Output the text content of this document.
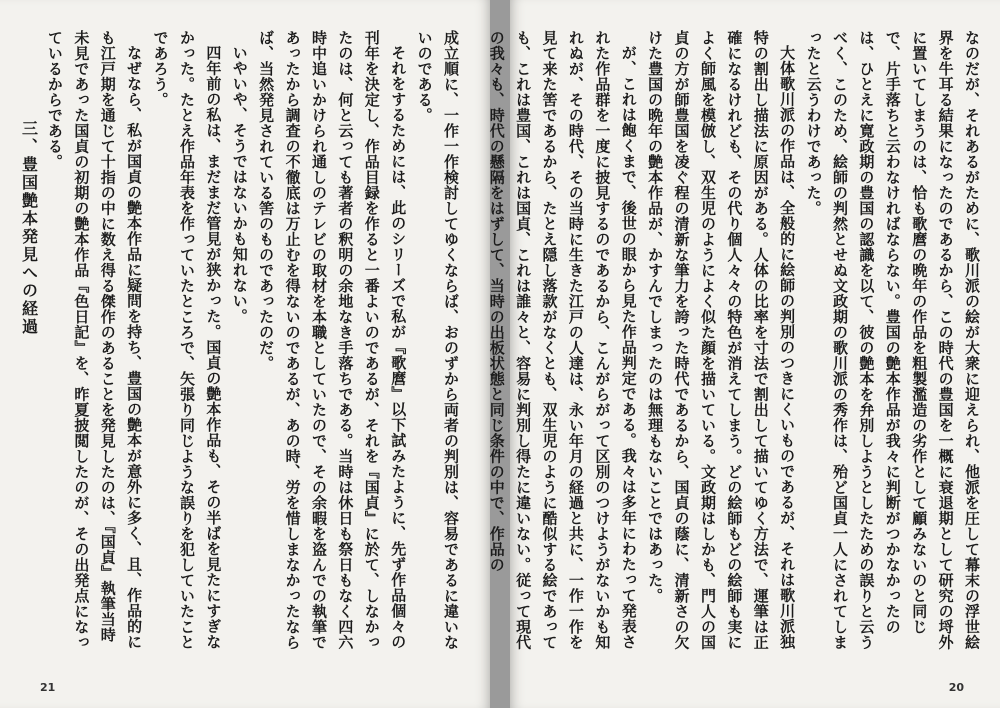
成立順に、一作一作検討してゆくならば、おのずから両者の判別は、容易であるに違いないのである。

それをするためには、此のシリーズで私が『歌麿』以下試みたように、先ず作品個々の刊年を決定し、作品目録を作ると一番よいのであるが、それを『国貞』に於て、しなかったのは、何と云っても著者の釈明の余地なき手落ちである。当時は休日も祭日もなく四六時中追いかけられ通しのテレビの取材を本職としていたので、その余暇を盗んでの執筆であったから調査の不徹底は万止むを得ないのであるが、あの時、労を惜しまなかったならば、当然発見されている筈のものであったのだ。

いやいや、そうではないかも知れない。

四年前の私は、まだまだ管見が狭かった。国貞の艶本作品も、その半ばを見たにすぎなかった。たとえ作品年表を作っていたところで、矢張り同じような誤りを犯していたことであろう。

なぜなら、私が国貞の艶本作品に疑問を持ち、豊国の艶本が意外に多く、且、作品的にも江戸期を通じて十指の中に数え得る傑作のあることを発見したのは、『国貞』執筆当時未見であった国貞の初期の艶本作品『色日記』を、昨夏披閲したのが、その出発点になっているからである。

三、豊国艶本発見への経過

21

なのだが、それあるがために、歌川派の絵が大衆に迎えられ、他派を圧して幕末の浮世絵界を牛耳る結果になったのであるから、この時代の豊国を一概に衰退期として研究の埒外に置いてしまうのは、恰も歌麿の晩年の作品を粗製濫造の劣作として顧みないのと同じで、片手落ちと云わなければならない。豊国の艶本作品が我々に判断がつかなかったのは、ひとえに寛政期の豊国の認識を以て、彼の艶本を弁別しようとしたための誤りと云うべく、このため、絵師の判然とせぬ文政期の歌川派の秀作は、殆ど国貞一人にされてしまったと云うわけであった。

大体歌川派の作品は、全般的に絵師の判別のつきにくいものであるが、それは歌川派独特の割出し描法に原因がある。人体の比率を寸法で割出して描いてゆく方法で、運筆は正確になるけれども、その代り個人々々の特色が消えてしまう。どの絵師もどの絵師も実によく師風を模倣し、双生児のようによく似た顔を描いている。文政期はしかも、門人の国貞の方が師豊国を凌ぐ程の清新な筆力を誇った時代であるから、国貞の蔭に、清新さの欠けた豊国の晩年の艶本作品が、かすんでしまったのは無理もないことではあった。

が、これは飽くまで、後世の眼から見た作品判定である。我々は多年にわたって発表された作品群を一度に披見するのであるから、こんがらがって区別のつけようがないかも知れぬが、その時代、その当時に生きた江戸の人達は、永い年月の経過と共に、一作一作を見て来た筈であるから、たとえ隠し落款がなくとも、双生児のように酷似する絵であっても、これは豊国、これは国貞、これは誰々と、容易に判別し得たに違いない。従って現代の我々も、時代の懸隔をはずして、当時の出板状態と同じ条件の中で、作品の

20
